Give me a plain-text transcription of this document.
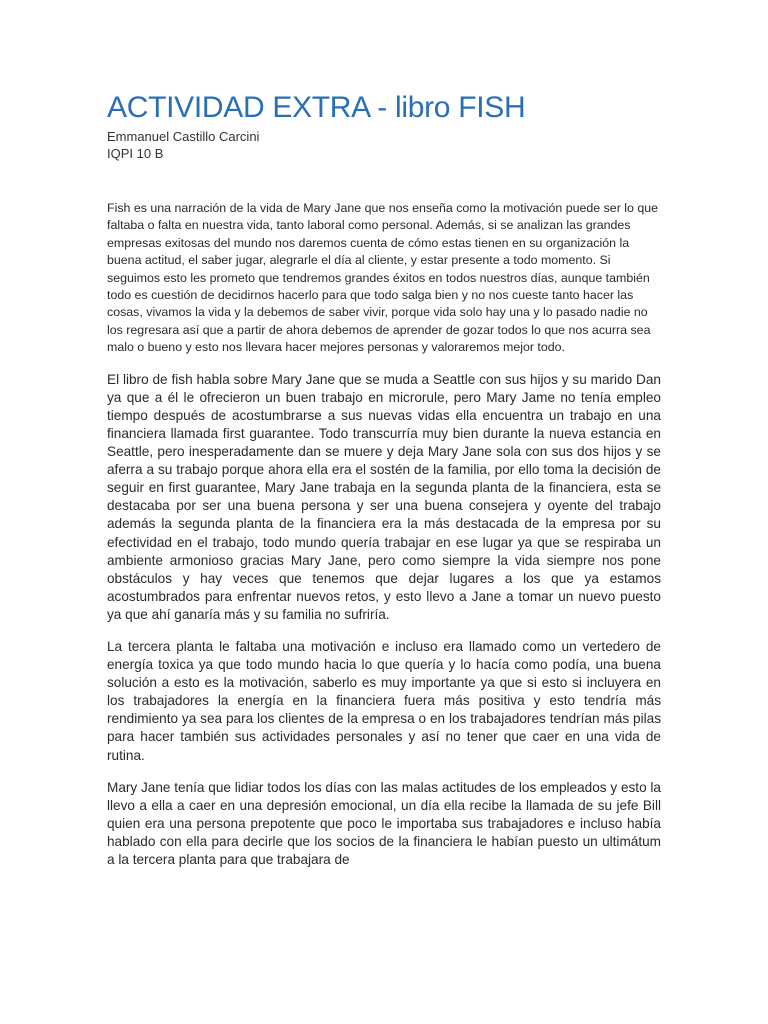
ACTIVIDAD EXTRA - libro FISH
Emmanuel Castillo Carcini
IQPI 10 B

Fish es una narración de la vida de Mary Jane que nos enseña como la motivación puede ser lo que faltaba o falta en nuestra vida, tanto laboral como personal. Además, si se analizan las grandes empresas exitosas del mundo nos daremos cuenta de cómo estas tienen en su organización la buena actitud, el saber jugar, alegrarle el día al cliente, y estar presente a todo momento. Si seguimos esto les prometo que tendremos grandes éxitos en todos nuestros días, aunque también todo es cuestión de decidirnos hacerlo para que todo salga bien y no nos cueste tanto hacer las cosas, vivamos la vida y la debemos de saber vivir, porque vida solo hay una y lo pasado nadie no los regresara así que a partir de ahora debemos de aprender de gozar todos lo que nos acurra sea malo o bueno y esto nos llevara hacer mejores personas y valoraremos mejor todo.

El libro de fish habla sobre Mary Jane que se muda a Seattle con sus hijos y su marido Dan ya que a él le ofrecieron un buen trabajo en microrule, pero Mary Jame no tenía empleo tiempo después de acostumbrarse a sus nuevas vidas ella encuentra un trabajo en una financiera llamada first guarantee. Todo transcurría muy bien durante la nueva estancia en Seattle, pero inesperadamente dan se muere y deja Mary Jane sola con sus dos hijos y se aferra a su trabajo porque ahora ella era el sostén de la familia, por ello toma la decisión de seguir en first guarantee, Mary Jane trabaja en la segunda planta de la financiera, esta se destacaba por ser una buena persona y ser una buena consejera y oyente del trabajo además la segunda planta de la financiera era la más destacada de la empresa por su efectividad en el trabajo, todo mundo quería trabajar en ese lugar ya que se respiraba un ambiente armonioso gracias Mary Jane, pero como siempre la vida siempre nos pone obstáculos y hay veces que tenemos que dejar lugares a los que ya estamos acostumbrados para enfrentar nuevos retos, y esto llevo a Jane a tomar un nuevo puesto ya que ahí ganaría más y su familia no sufriría.

La tercera planta le faltaba una motivación e incluso era llamado como un vertedero de energía toxica ya que todo mundo hacia lo que quería y lo hacía como podía, una buena solución a esto es la motivación, saberlo es muy importante ya que si esto si incluyera en los trabajadores la energía en la financiera fuera más positiva y esto tendría más rendimiento ya sea para los clientes de la empresa o en los trabajadores tendrían más pilas para hacer también sus actividades personales y así no tener que caer en una vida de rutina.

Mary Jane tenía que lidiar todos los días con las malas actitudes de los empleados y esto la llevo a ella a caer en una depresión emocional, un día ella recibe la llamada de su jefe Bill quien era una persona prepotente que poco le importaba sus trabajadores e incluso había hablado con ella para decirle que los socios de la financiera le habían puesto un ultimátum a la tercera planta para que trabajara de
